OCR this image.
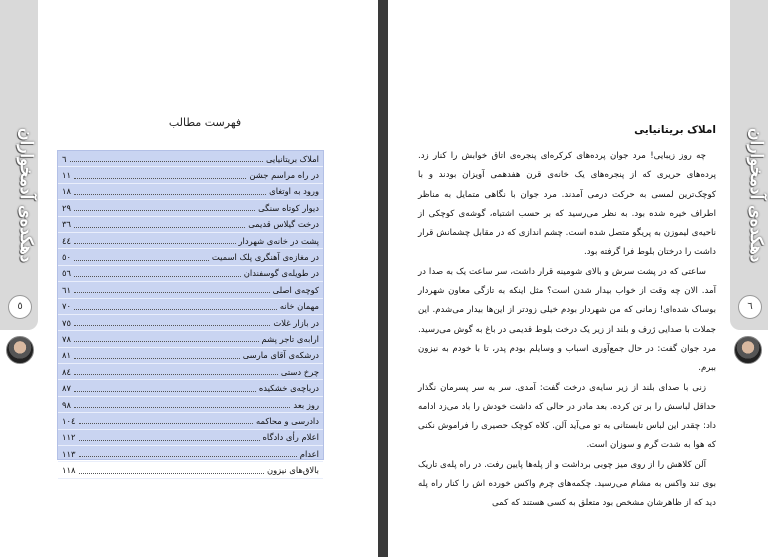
دهکده‌ی آدمخواران
٥
فهرست مطالب
املاک بریتانیایی
٦
در راه مراسم جشن
١١
ورود به اوتغای
١٨
دیوار کوتاه سنگی
٢٩
درخت گیلاس قدیمی
٣٦
پشت در خانه‌ی شهردار
٤٤
در مغازه‌ی آهنگری پلک اسمیت
٥٠
در طویله‌ی گوسفندان
٥٦
کوچه‌ی اصلی
٦١
مهمان خانه
٧٠
در بازار غلات
٧٥
ارابه‌ی تاجر پشم
٧٨
درشکه‌ی آقای مارسی
٨١
چرخ دستی
٨٤
درباچه‌ی خشکیده
٨٧
روز بعد
٩٨
دادرسی و محاکمه
١٠٤
اعلام رأی دادگاه
١١٢
اعدام
١١٣
بالاق‌های نیزون
١١٨
دهکده‌ی آدمخواران
٦
املاک بریتانیایی

چه روز زیبایی! مرد جوان پرده‌های کرکره‌ای پنجره‌ی اتاق خوابش را کنار زد. پرده‌های حریری که از پنجره‌های یک خانه‌ی قرن هفدهمی آویزان بودند و با کوچک‌ترین لمسی به حرکت درمی آمدند. مرد جوان با نگاهی متمایل به مناظر اطراف خیره شده بود. به نظر می‌رسید که بر حسب اشتباه، گوشه‌ی کوچکی از ناحیه‌ی لیموزن به پریگو متصل شده است. چشم اندازی که در مقابل چشمانش قرار داشت را درختان بلوط فرا گرفته بود.

ساعتی که در پشت سرش و بالای شومینه قرار داشت، سر ساعت یک به صدا در آمد. الان چه وقت از خواب بیدار شدن است؟ مثل اینکه به تازگی معاون شهردار بوساک شده‌ای! زمانی که من شهردار بودم خیلی زودتر از این‌ها بیدار می‌شدم. این جملات با صدایی ژرف و بلند از زیر یک درخت بلوط قدیمی در باغ به گوش می‌رسید. مرد جوان گفت: در حال جمع‌آوری اسباب و وسایلم بودم پدر، تا با خودم به نیزون ببرم.

زنی با صدای بلند از زیر سایه‌ی درخت گفت: آمدی. سر به سر پسرمان نگذار حداقل لباسش را بر تن کرده. بعد مادر در حالی که داشت خودش را باد می‌زد ادامه داد: چقدر این لباس تابستانی به تو می‌آید آلن. کلاه کوچک حصیری را فراموش نکنی که هوا به شدت گرم و سوزان است.

آلن کلاهش را از روی میز چوبی برداشت و از پله‌ها پایین رفت. در راه پله‌ی تاریک بوی تند واکس به مشام می‌رسید. چکمه‌های چرم واکس خورده اش را کنار راه پله دید که از ظاهرشان مشخص بود متعلق به کسی هستند که کمی
